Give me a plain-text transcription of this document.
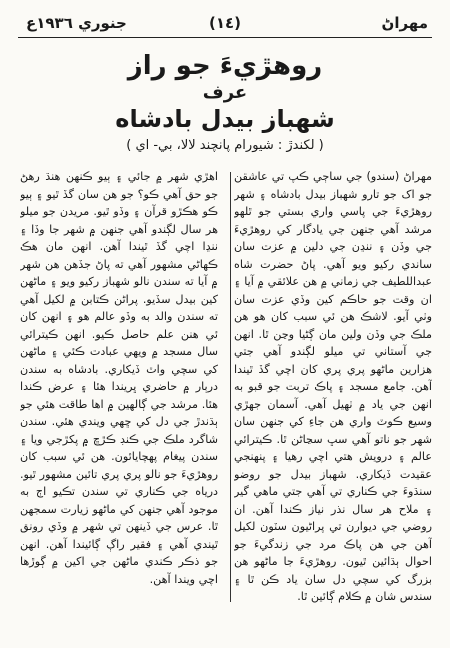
جنوري ١٩٣٦ع	(١٤)	مهراڻ
روهڙيءَ جو راز
عرف
شهباز بيدل بادشاه
( لکندڙ : شيورام پانچند لالا، بي- اي )

مهراڻ (سندو) جي ساڄي ڪپ تي عاشقن جو اک جو تارو شهباز بيدل بادشاه ۽ شهر روهڙيءَ جي پاسي واري بستي جو ٿلهو مرشد آهي جنهن جي يادگار کي روهڙيءَ جي وڏن ۽ ننڍن جي دلين ۾ عزت سان ساندي رکيو ويو آهي. پاڻ حضرت شاه عبداللطيف جي زماني ۾ هن علائقي ۾ آيا ۽ ان وقت جو حاڪم کين وڏي عزت سان وٺي آيو. لاشڪ هن ئي سبب کان هو هن ملڪ جي وڏن ولين مان ڳڻيا وڃن ٿا. انهن جي آستاني تي ميلو لڳندو آهي جتي هزارين ماڻهو پري پري کان اچي گڏ ٿيندا آهن. جامع مسجد ۽ پاڪ تربت جو قبو به انهن جي ياد ۾ ٺهيل آهي. آسمان جهڙي وسيع ڪوٽ واري هن جاءِ کي جنهن سان شهر جو ناتو آهي سڀ سڃاڻن ٿا. ڪيترائي عالم ۽ درويش هتي اچي رهيا ۽ پنهنجي عقيدت ڏيکاري. شهباز بيدل جو روضو سنڌوءَ جي ڪناري تي آهي جتي ماهي گير ۽ ملاح هر سال نذر نياز ڪندا آهن. ان روضي جي ديوارن تي پراڻيون سٽون لکيل آهن جي هن پاڪ مرد جي زندگيءَ جو احوال ٻڌائين ٿيون. روهڙيءَ جا ماڻهو هن بزرگ کي سچي دل سان ياد ڪن ٿا ۽ سندس شان ۾ ڪلام ڳائين ٿا.

اهڙي شهر ۾ جائي ۽ ٻيو ڪنهن هنڌ رهڻ جو حق آهي ڪو؟ جو هن سان گڏ ٿيو ۽ ٻيو ڪو هڪڙو قرآن ۽ وڏو ٿيو. مريدن جو ميلو هر سال لڳندو آهي جنهن ۾ شهر جا وڏا ۽ ننڍا اچي گڏ ٿيندا آهن. انهن مان هڪ ڪهاڻي مشهور آهي ته پاڻ جڏهن هن شهر ۾ آيا ته سندن نالو شهباز رکيو ويو ۽ ماڻهن کين بيدل سڏيو. پراڻن ڪتابن ۾ لکيل آهي ته سندن والد به وڏو عالم هو ۽ انهن کان ئي هنن علم حاصل ڪيو. انهن ڪيترائي سال مسجد ۾ ويهي عبادت ڪئي ۽ ماڻهن کي سچي واٽ ڏيکاري. بادشاه به سندن درٻار ۾ حاضري ڀريندا هئا ۽ عرض ڪندا هئا. مرشد جي ڳالهين ۾ اها طاقت هئي جو ٻڌندڙ جي دل کي ڇهي ويندي هئي. سندن شاگرد ملڪ جي ڪنڊ ڪڙڇ ۾ پکڙجي ويا ۽ سندن پيغام پهچايائون. هن ئي سبب کان روهڙيءَ جو نالو پري پري تائين مشهور ٿيو. درياه جي ڪناري تي سندن تڪيو اڄ به موجود آهي جنهن کي ماڻهو زيارت سمجهن ٿا. عرس جي ڏينهن تي شهر ۾ وڏي رونق ٿيندي آهي ۽ فقير راڳ ڳائيندا آهن. انهن جو ذڪر ڪندي ماڻهن جي اکين ۾ ڳوڙها اچي ويندا آهن.
